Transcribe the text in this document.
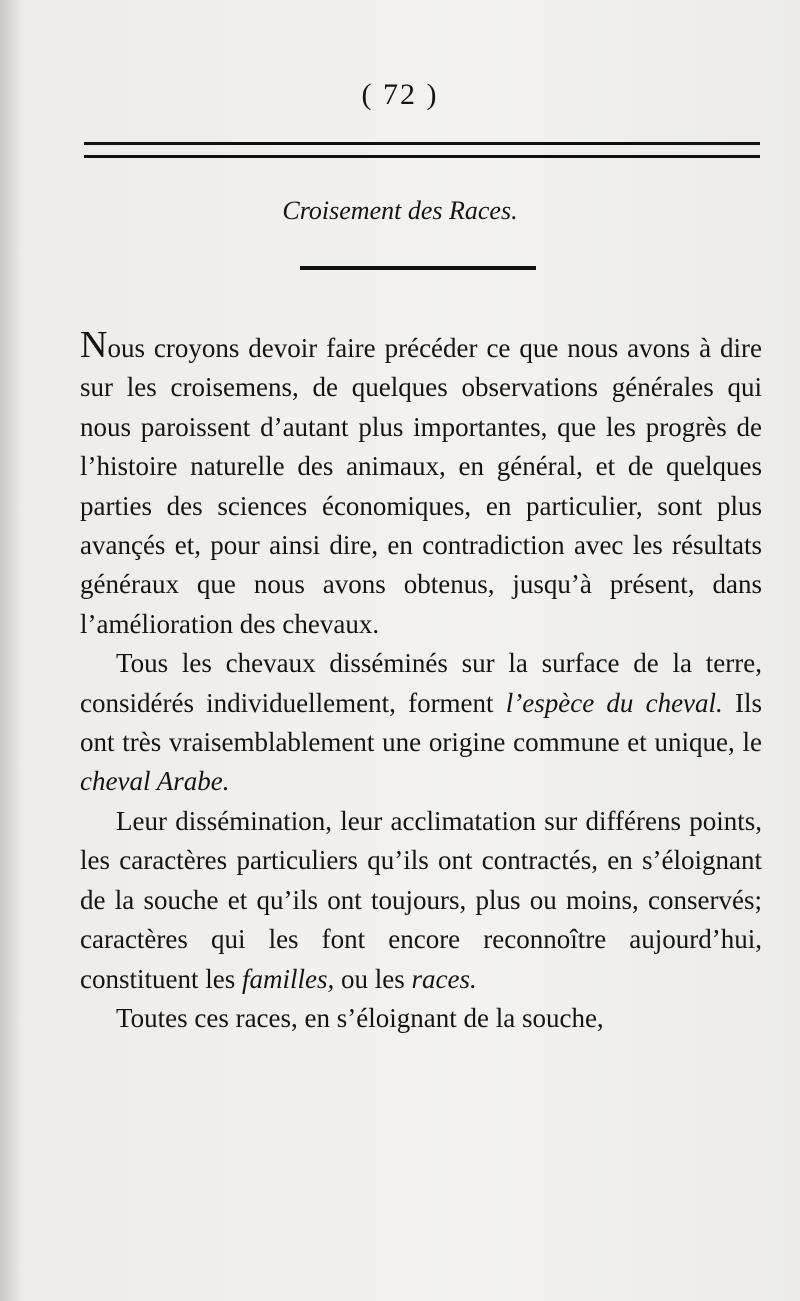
( 72 )
Croisement des Races.

Nous croyons devoir faire précéder ce que nous avons à dire sur les croisemens, de quelques observations générales qui nous paroissent d’autant plus importantes, que les progrès de l’histoire naturelle des animaux, en général, et de quelques parties des sciences économiques, en particulier, sont plus avançés et, pour ainsi dire, en contradiction avec les résultats généraux que nous avons obtenus, jusqu’à présent, dans l’amélioration des chevaux.

Tous les chevaux disséminés sur la surface de la terre, considérés individuellement, forment l’espèce du cheval. Ils ont très vraisemblablement une origine commune et unique, le cheval Arabe.

Leur dissémination, leur acclimatation sur différens points, les caractères particuliers qu’ils ont contractés, en s’éloignant de la souche et qu’ils ont toujours, plus ou moins, conservés; caractères qui les font encore reconnoître aujourd’hui, constituent les familles, ou les races.

Toutes ces races, en s’éloignant de la souche,
